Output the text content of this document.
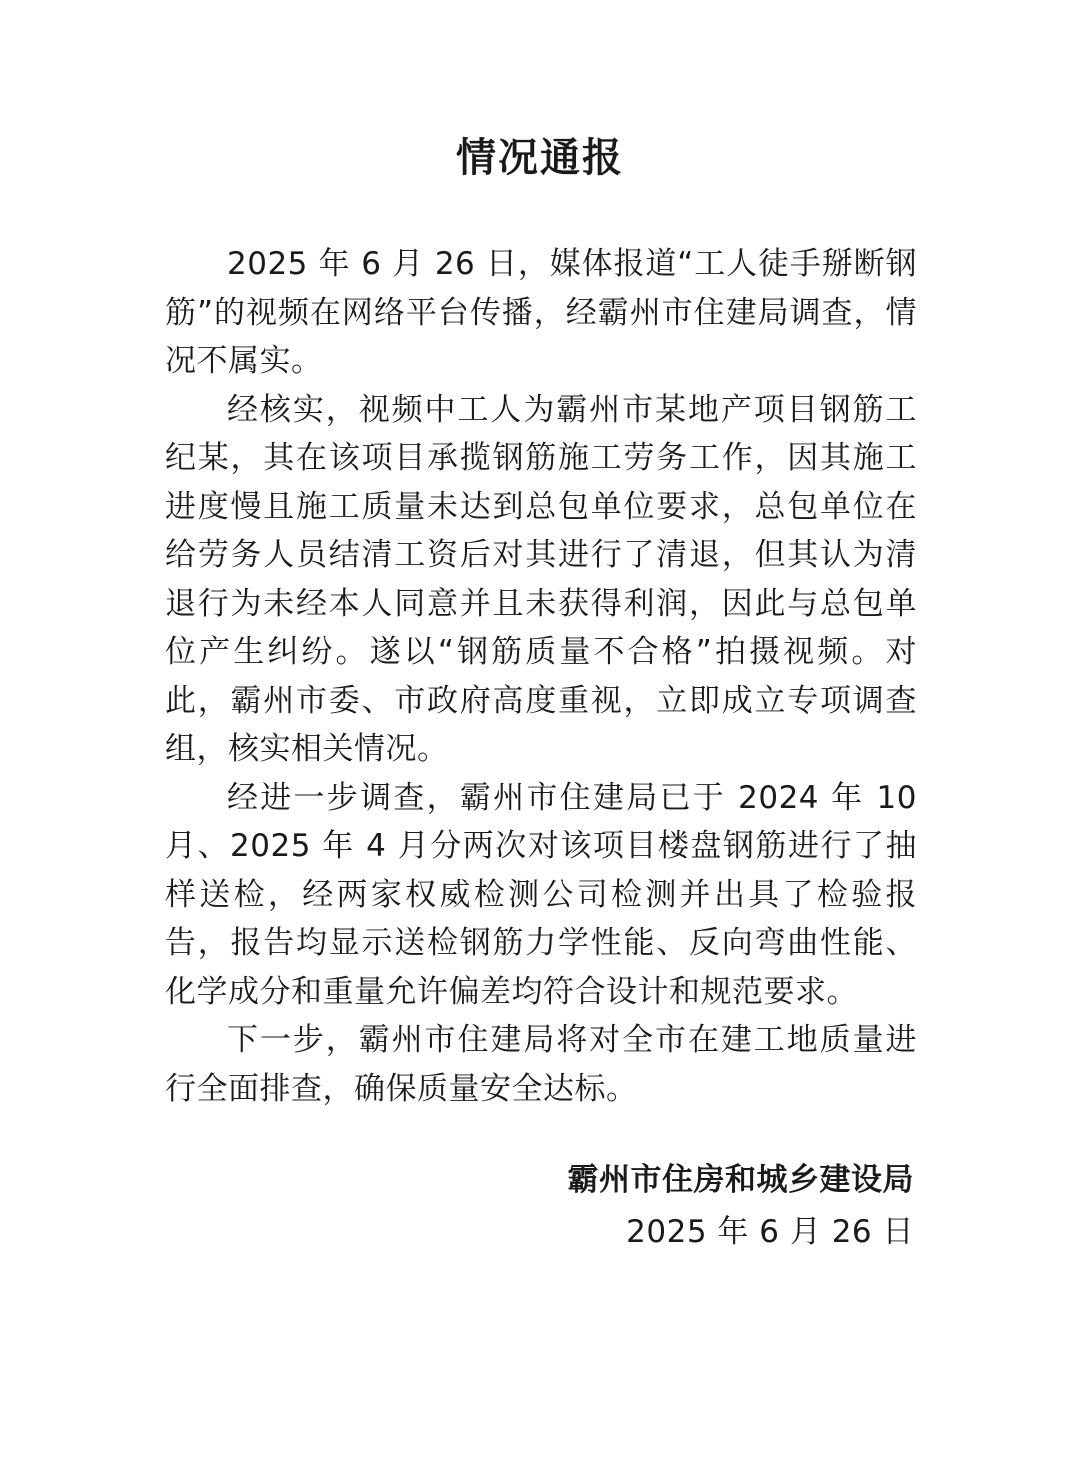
情况通报

2025 年 6 月 26 日，媒体报道“工人徒手掰断钢筋”的视频在网络平台传播，经霸州市住建局调查，情况不属实。

经核实，视频中工人为霸州市某地产项目钢筋工纪某，其在该项目承揽钢筋施工劳务工作，因其施工进度慢且施工质量未达到总包单位要求，总包单位在给劳务人员结清工资后对其进行了清退，但其认为清退行为未经本人同意并且未获得利润，因此与总包单位产生纠纷。遂以“钢筋质量不合格”拍摄视频。对此，霸州市委、市政府高度重视，立即成立专项调查组，核实相关情况。

经进一步调查，霸州市住建局已于 2024 年 10 月、2025 年 4 月分两次对该项目楼盘钢筋进行了抽样送检，经两家权威检测公司检测并出具了检验报告，报告均显示送检钢筋力学性能、反向弯曲性能、化学成分和重量允许偏差均符合设计和规范要求。

下一步，霸州市住建局将对全市在建工地质量进行全面排查，确保质量安全达标。

霸州市住房和城乡建设局
2025 年 6 月 26 日
